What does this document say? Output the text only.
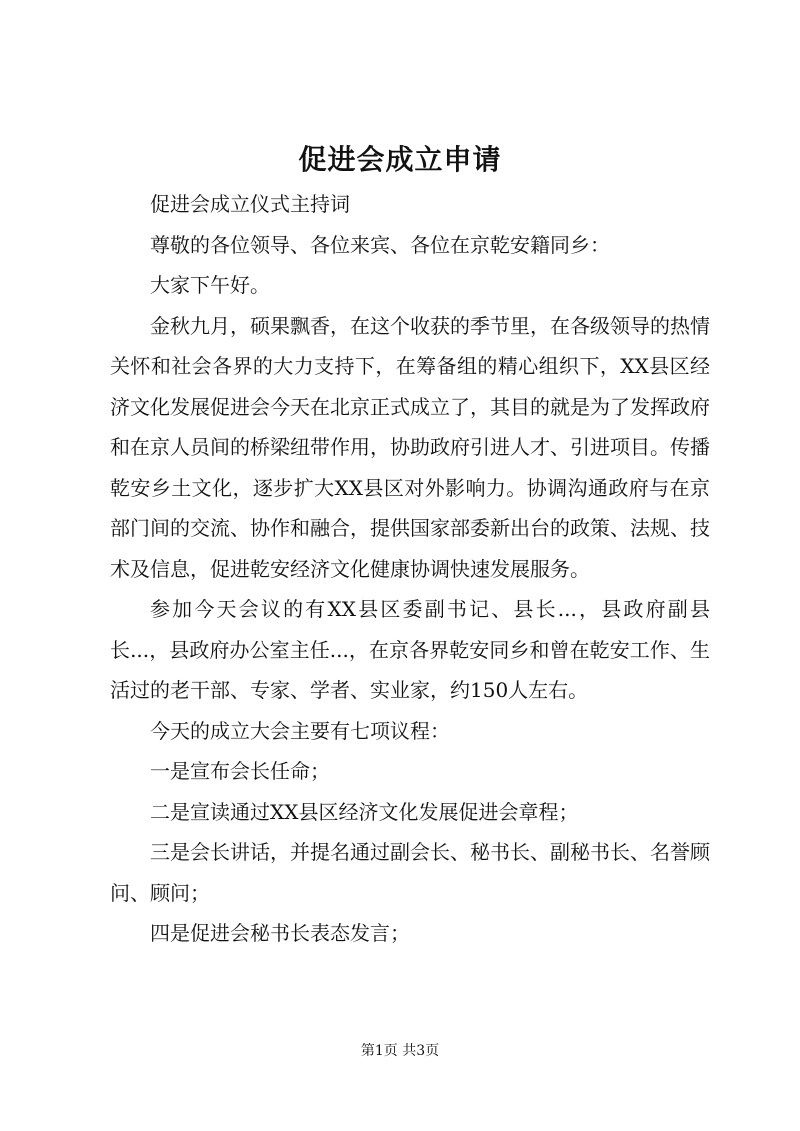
促进会成立申请

促进会成立仪式主持词

尊敬的各位领导、各位来宾、各位在京乾安籍同乡：

大家下午好。

金秋九月，硕果飘香，在这个收获的季节里，在各级领导的热情关怀和社会各界的大力支持下，在筹备组的精心组织下，XX县区经济文化发展促进会今天在北京正式成立了，其目的就是为了发挥政府和在京人员间的桥梁纽带作用，协助政府引进人才、引进项目。传播乾安乡土文化，逐步扩大XX县区对外影响力。协调沟通政府与在京部门间的交流、协作和融合，提供国家部委新出台的政策、法规、技术及信息，促进乾安经济文化健康协调快速发展服务。

参加今天会议的有XX县区委副书记、县长...，县政府副县长...，县政府办公室主任...，在京各界乾安同乡和曾在乾安工作、生活过的老干部、专家、学者、实业家，约150人左右。

今天的成立大会主要有七项议程：

一是宣布会长任命；

二是宣读通过XX县区经济文化发展促进会章程；

三是会长讲话，并提名通过副会长、秘书长、副秘书长、名誉顾问、顾问；

四是促进会秘书长表态发言；

第1页 共3页
